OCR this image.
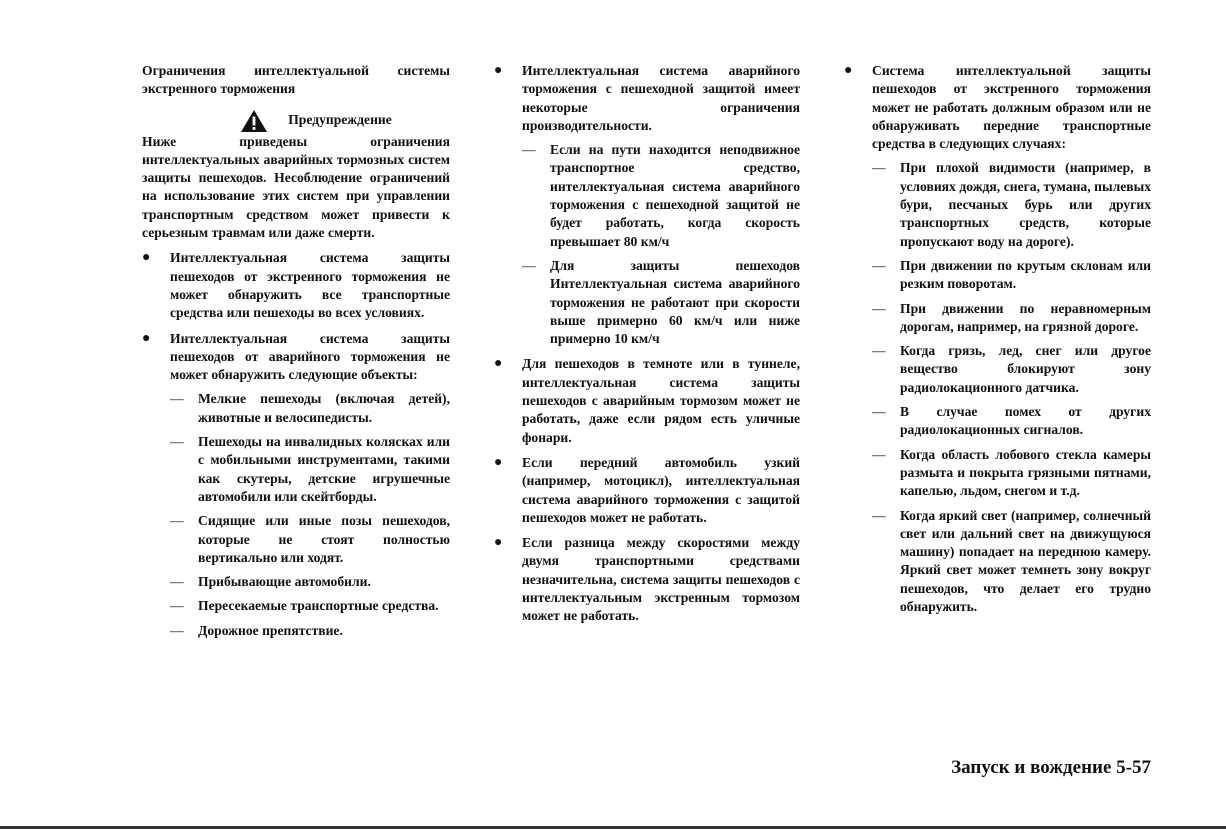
Ограничения интеллектуальной системы экстренного торможения

Предупреждение

Ниже приведены ограничения интеллектуальных аварийных тормозных систем защиты пешеходов. Несоблюдение ограничений на использование этих систем при управлении транспортным средством может привести к серьезным травмам или даже смерти.

● Интеллектуальная система защиты пешеходов от экстренного торможения не может обнаружить все транспортные средства или пешеходы во всех условиях.

● Интеллектуальная система защиты пешеходов от аварийного торможения не может обнаружить следующие объекты:

— Мелкие пешеходы (включая детей), животные и велосипедисты.

— Пешеходы на инвалидных колясках или с мобильными инструментами, такими как скутеры, детские игрушечные автомобили или скейтборды.

— Сидящие или иные позы пешеходов, которые не стоят полностью вертикально или ходят.

— Прибывающие автомобили.

— Пересекаемые транспортные средства.

— Дорожное препятствие.

● Интеллектуальная система аварийного торможения с пешеходной защитой имеет некоторые ограничения производительности.

— Если на пути находится неподвижное транспортное средство, интеллектуальная система аварийного торможения с пешеходной защитой не будет работать, когда скорость превышает 80 км/ч

— Для защиты пешеходов Интеллектуальная система аварийного торможения не работают при скорости выше примерно 60 км/ч или ниже примерно 10 км/ч

● Для пешеходов в темноте или в туннеле, интеллектуальная система защиты пешеходов с аварийным тормозом может не работать, даже если рядом есть уличные фонари.

● Если передний автомобиль узкий (например, мотоцикл), интеллектуальная система аварийного торможения с защитой пешеходов может не работать.

● Если разница между скоростями между двумя транспортными средствами незначительна, система защиты пешеходов с интеллектуальным экстренным тормозом может не работать.

● Система интеллектуальной защиты пешеходов от экстренного торможения может не работать должным образом или не обнаруживать передние транспортные средства в следующих случаях:

— При плохой видимости (например, в условиях дождя, снега, тумана, пылевых бури, песчаных бурь или других транспортных средств, которые пропускают воду на дороге).

— При движении по крутым склонам или резким поворотам.

— При движении по неравномерным дорогам, например, на грязной дороге.

— Когда грязь, лед, снег или другое вещество блокируют зону радиолокационного датчика.

— В случае помех от других радиолокационных сигналов.

— Когда область лобового стекла камеры размыта и покрыта грязными пятнами, капелью, льдом, снегом и т.д.

— Когда яркий свет (например, солнечный свет или дальний свет на движущуюся машину) попадает на переднюю камеру. Яркий свет может темнеть зону вокруг пешеходов, что делает его трудно обнаружить.

Запуск и вождение 5-57
